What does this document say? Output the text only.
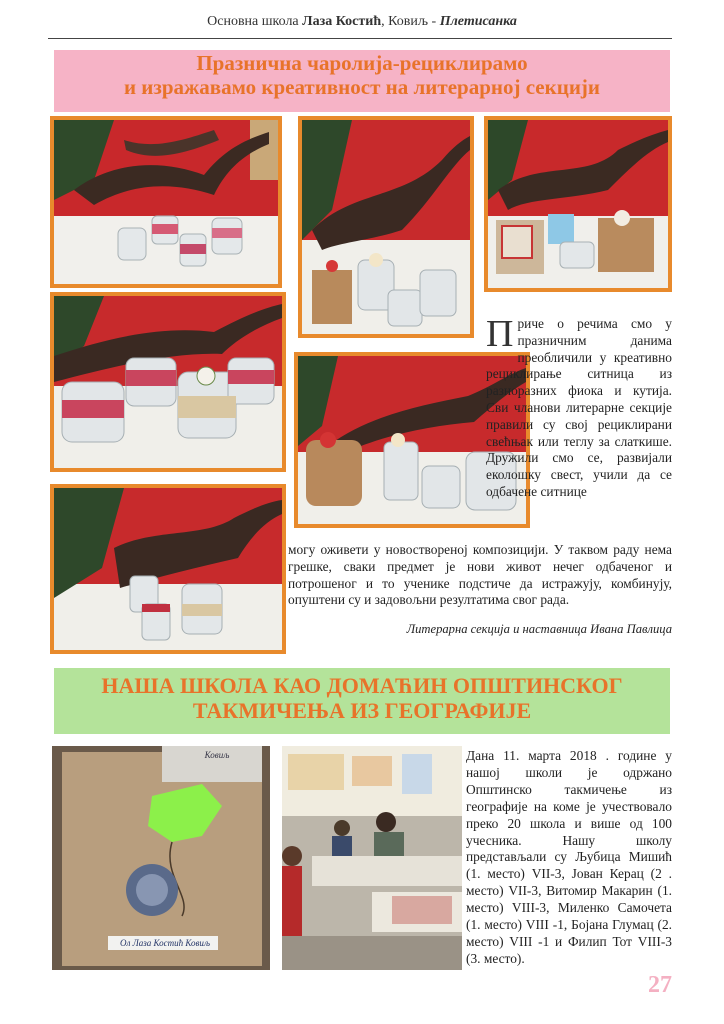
Основна школа Лаза Костић, Ковиљ - Плетисанка
Празнична чаролија-рециклирамо
и изражавамо креативност на литерарној секцији
Приче о речима смо у празничним данима преобличили у креативно рециклирање ситница из разноразних фиока и кутија. Сви чланови литерарне секције правили су свој рециклирани свећњак или теглу за слаткише. Дружили смо се, развијали еколошку свест, учили да се одбачене ситнице
могу оживети у новоствореној композицији. У таквом раду нема грешке, сваки предмет је нови живот нечег одбаченог и потрошеног и то ученике подстиче да истражују, комбинују, опуштени су и задовољни резултатима свог рада.
Литерарна секција и наставница Ивана Павлица
НАША ШКОЛА КАО ДОМАЋИН ОПШТИНСКОГ
ТАКМИЧЕЊА ИЗ ГЕОГРАФИЈЕ
Ол Лаза Костић Ковиљ
Ковиљ	Дана 11. марта 2018 . године у нашој школи је одржано Општинско такмичење из географије на коме је учествовало преко 20 школа и више од 100 учесника. Нашу школу представљали су Љубица Мишић (1. место) VII-3, Јован Керац (2 . место) VII-3, Витомир Макарин (1. место) VIII-3, Миленко Самочета (1. место) VIII -1, Бојана Глумац (2. место) VIII -1 и Филип Тот VIII-3 (3. место).
27
